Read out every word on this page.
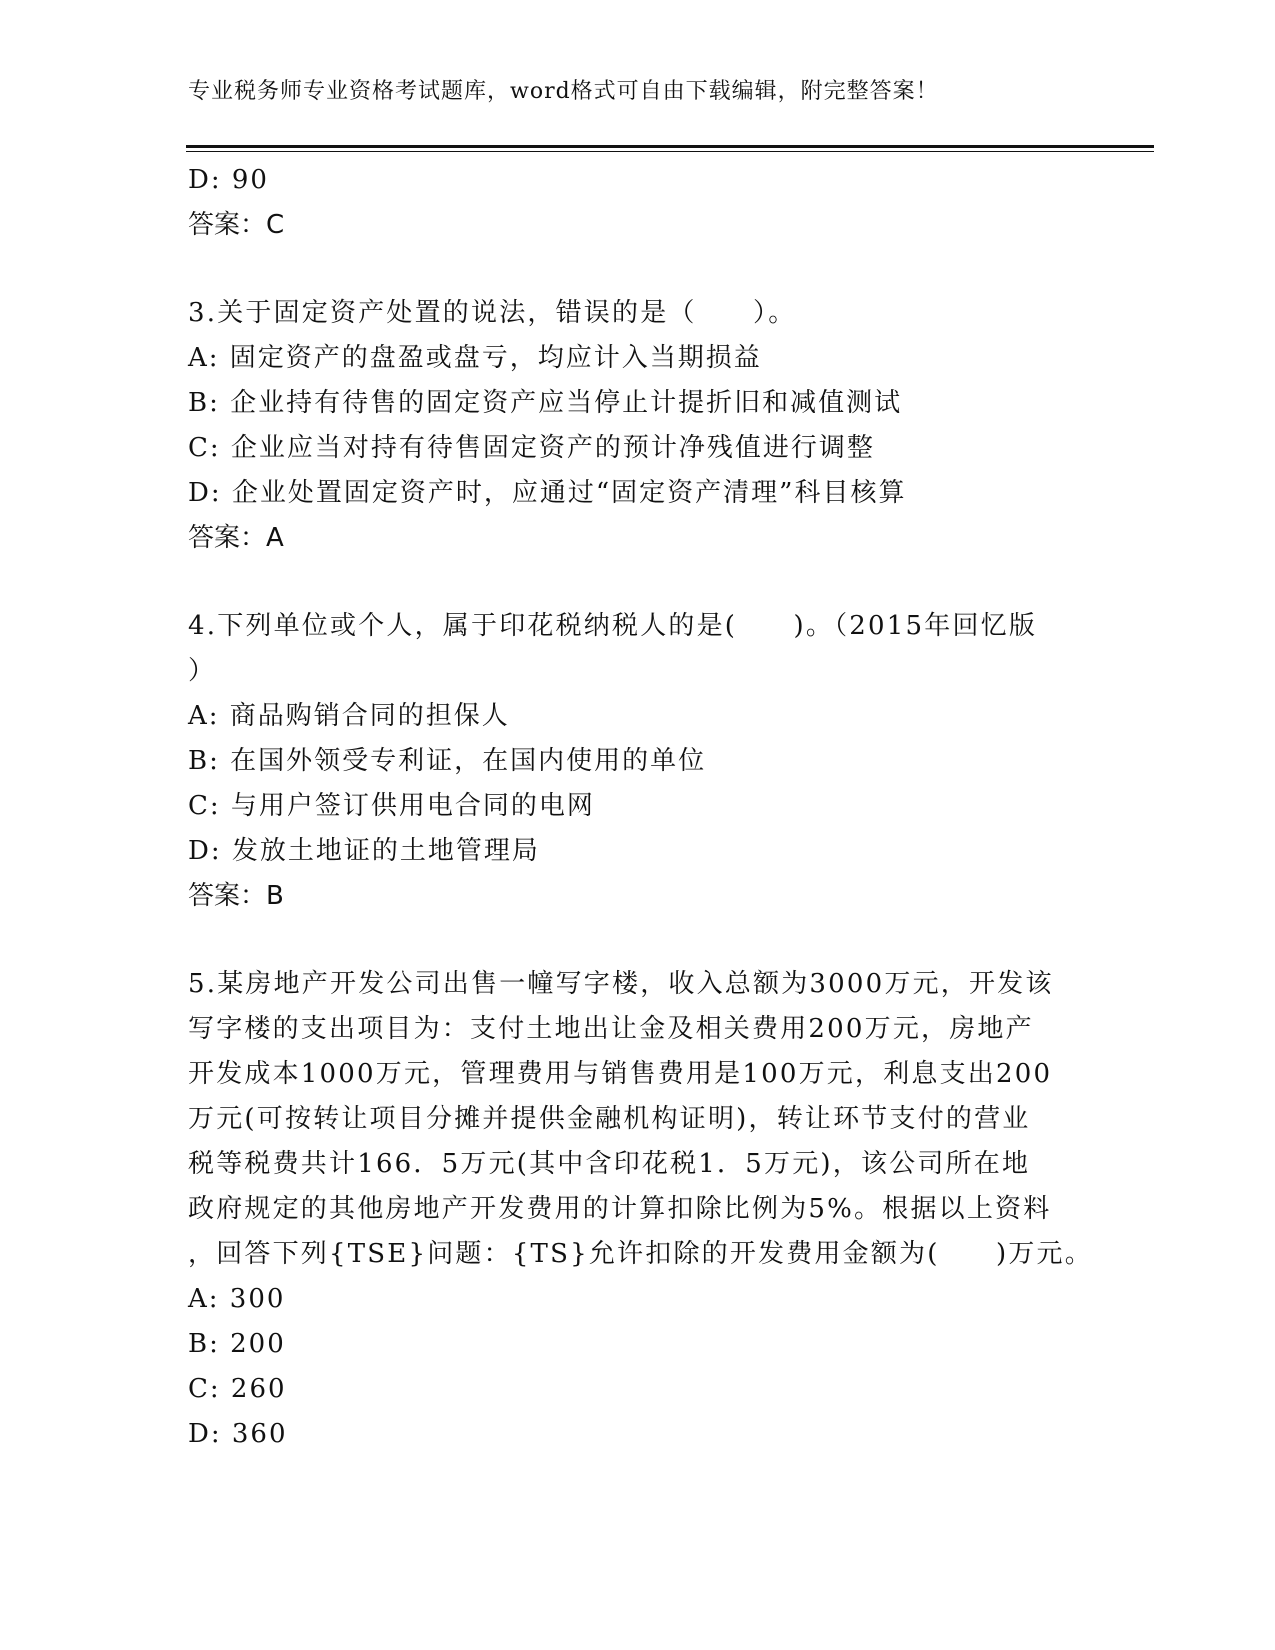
专业税务师专业资格考试题库，word格式可自由下载编辑，附完整答案！
D: 90
答案：C
3.关于固定资产处置的说法，错误的是（　　）。
A: 固定资产的盘盈或盘亏，均应计入当期损益
B: 企业持有待售的固定资产应当停止计提折旧和减值测试
C: 企业应当对持有待售固定资产的预计净残值进行调整
D: 企业处置固定资产时，应通过“固定资产清理”科目核算
答案：A
4.下列单位或个人，属于印花税纳税人的是(　　)。（2015年回忆版
）
A: 商品购销合同的担保人
B: 在国外领受专利证，在国内使用的单位
C: 与用户签订供用电合同的电网
D: 发放土地证的土地管理局
答案：B
5.某房地产开发公司出售一幢写字楼，收入总额为3000万元，开发该
写字楼的支出项目为：支付土地出让金及相关费用200万元，房地产
开发成本1000万元，管理费用与销售费用是100万元，利息支出200
万元(可按转让项目分摊并提供金融机构证明)，转让环节支付的营业
税等税费共计166．5万元(其中含印花税1．5万元)，该公司所在地
政府规定的其他房地产开发费用的计算扣除比例为5%。根据以上资料
，回答下列{TSE}问题：{TS}允许扣除的开发费用金额为(　　)万元。
A: 300
B: 200
C: 260
D: 360
